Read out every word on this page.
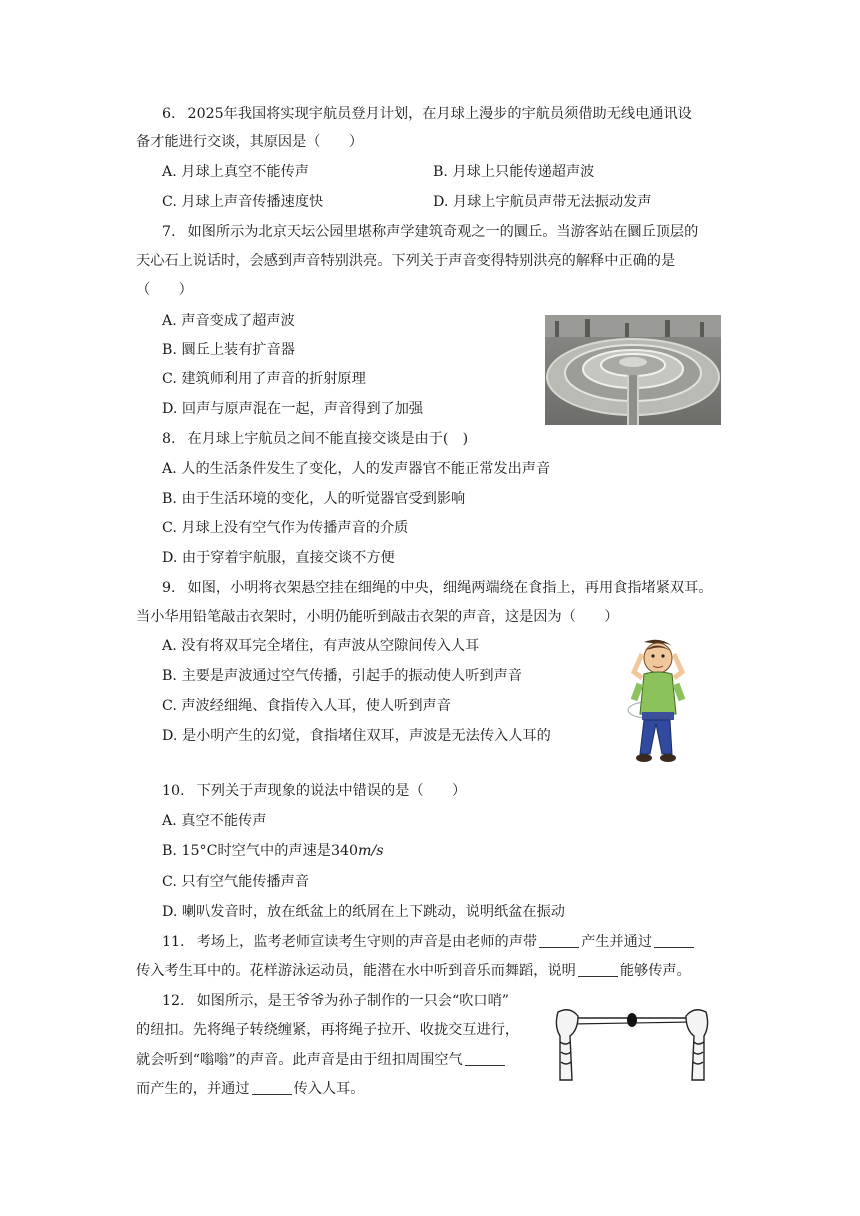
6. 2025年我国将实现宇航员登月计划，在月球上漫步的宇航员须借助无线电通讯设
备才能进行交谈，其原因是（　　）
A. 月球上真空不能传声	B. 月球上只能传递超声波
C. 月球上声音传播速度快	D. 月球上宇航员声带无法振动发声
7. 如图所示为北京天坛公园里堪称声学建筑奇观之一的圜丘。当游客站在圜丘顶层的
天心石上说话时，会感到声音特别洪亮。下列关于声音变得特别洪亮的解释中正确的是
（　　）
A. 声音变成了超声波
B. 圜丘上装有扩音器
C. 建筑师利用了声音的折射原理
D. 回声与原声混在一起，声音得到了加强
8. 在月球上宇航员之间不能直接交谈是由于(　)
A. 人的生活条件发生了变化，人的发声器官不能正常发出声音
B. 由于生活环境的变化，人的听觉器官受到影响
C. 月球上没有空气作为传播声音的介质
D. 由于穿着宇航服，直接交谈不方便
9. 如图，小明将衣架悬空挂在细绳的中央，细绳两端绕在食指上，再用食指堵紧双耳。
当小华用铅笔敲击衣架时，小明仍能听到敲击衣架的声音，这是因为（　　）
A. 没有将双耳完全堵住，有声波从空隙间传入人耳
B. 主要是声波通过空气传播，引起手的振动使人听到声音
C. 声波经细绳、食指传入人耳，使人听到声音
D. 是小明产生的幻觉，食指堵住双耳，声波是无法传入人耳的
10. 下列关于声现象的说法中错误的是（　　）
A. 真空不能传声
B. 15°C时空气中的声速是340m/s
C. 只有空气能传播声音
D. 喇叭发音时，放在纸盆上的纸屑在上下跳动，说明纸盆在振动
11. 考场上，监考老师宣读考生守则的声音是由老师的声带	产生并通过
传入考生耳中的。花样游泳运动员，能潜在水中听到音乐而舞蹈，说明	能够传声。
12. 如图所示，是王爷爷为孙子制作的一只会“吹口哨”
的纽扣。先将绳子转绕缠紧，再将绳子拉开、收拢交互进行，
就会听到“嗡嗡”的声音。此声音是由于纽扣周围空气
而产生的，并通过	传入人耳。
